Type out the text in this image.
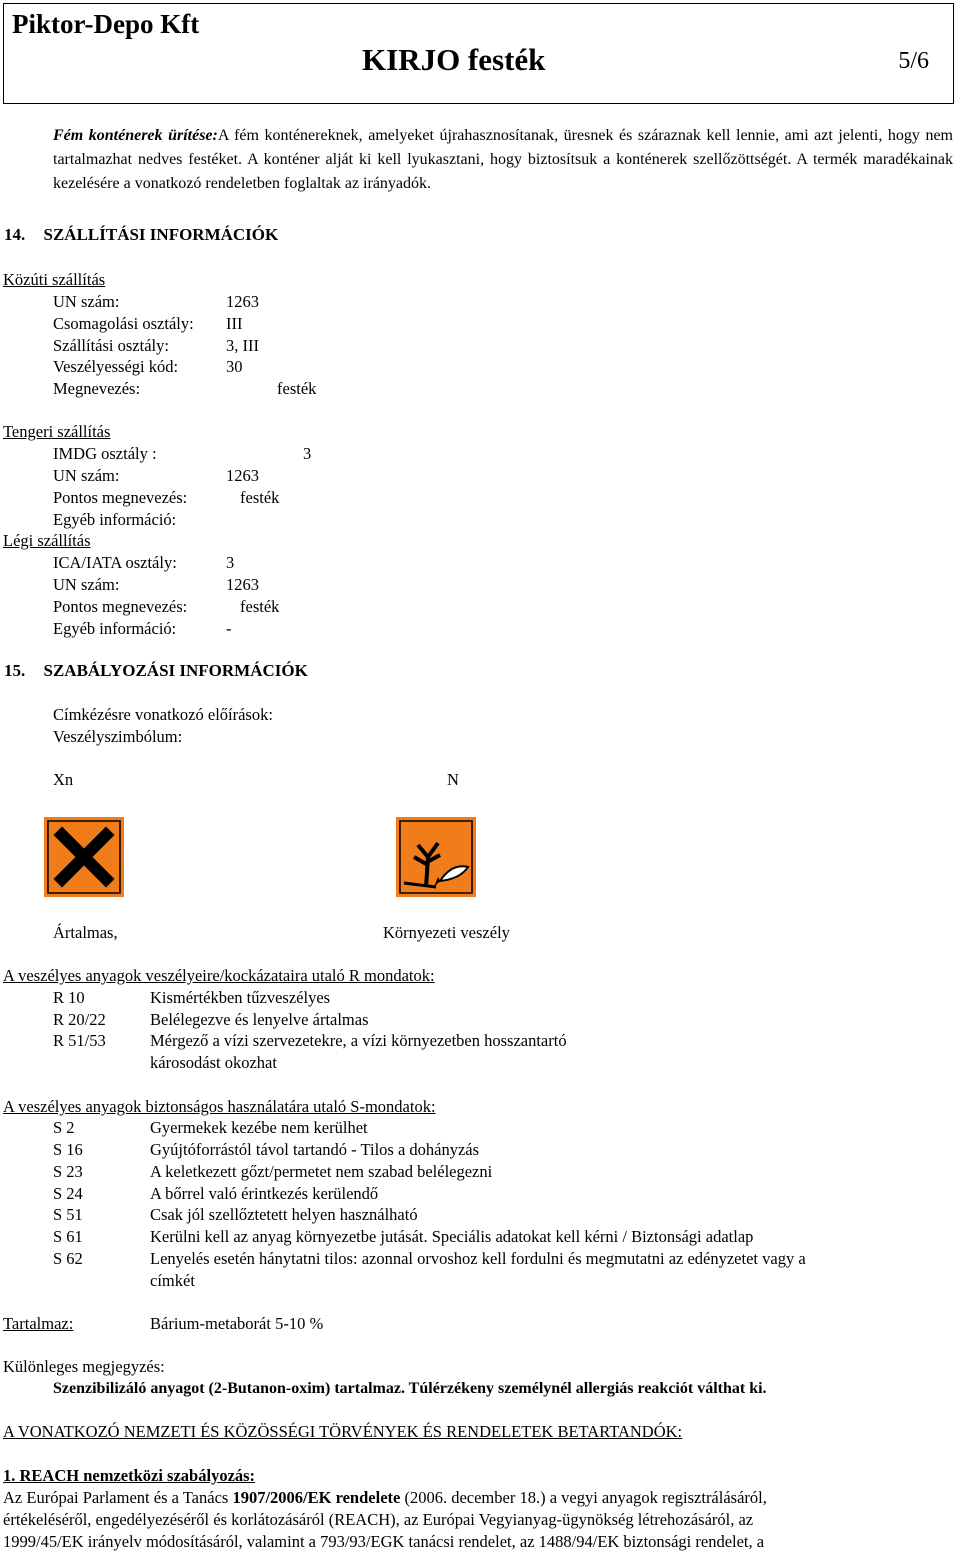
Piktor-Depo Kft
KIRJO festék	5/6
Fém konténerek ürítése:A fém konténereknek, amelyeket újrahasznosítanak, üresnek és száraznak kell lennie, ami azt jelenti, hogy nem tartalmazhat nedves festéket. A konténer alját ki kell lyukasztani, hogy biztosítsuk a konténerek szellőzöttségét. A termék maradékainak kezelésére a vonatkozó rendeletben foglaltak az irányadók.
14. SZÁLLÍTÁSI INFORMÁCIÓK
Közúti szállítás
UN szám:	1263
Csomagolási osztály: III
Szállítási osztály:	3, III
Veszélyességi kód:	30
Megnevezés:	festék
Tengeri szállítás
IMDG osztály :	3
UN szám:	1263
Pontos megnevezés:	festék
Egyéb információ:
Légi szállítás
ICA/IATA osztály:	3
UN szám:	1263
Pontos megnevezés:	festék
Egyéb információ:	-
15. SZABÁLYOZÁSI INFORMÁCIÓK
Címkézésre vonatkozó előírások:
Veszélyszimbólum:
Xn	N
Ártalmas,	Környezeti veszély
A veszélyes anyagok veszélyeire/kockázataira utaló R mondatok:
R 10	Kismértékben tűzveszélyes
R 20/22	Belélegezve és lenyelve ártalmas
R 51/53	Mérgező a vízi szervezetekre, a vízi környezetben hosszantartó
károsodást okozhat
A veszélyes anyagok biztonságos használatára utaló S-mondatok:
S 2	Gyermekek kezébe nem kerülhet
S 16	Gyújtóforrástól távol tartandó - Tilos a dohányzás
S 23	A keletkezett gőzt/permetet nem szabad belélegezni
S 24	A bőrrel való érintkezés kerülendő
S 51	Csak jól szellőztetett helyen használható
S 61	Kerülni kell az anyag környezetbe jutását. Speciális adatokat kell kérni / Biztonsági adatlap
S 62	Lenyelés esetén hánytatni tilos: azonnal orvoshoz kell fordulni és megmutatni az edényzetet vagy a
címkét
Tartalmaz:	Bárium-metaborát 5-10 %
Különleges megjegyzés:
Szenzibilizáló anyagot (2-Butanon-oxim) tartalmaz. Túlérzékeny személynél allergiás reakciót válthat ki.
A VONATKOZÓ NEMZETI ÉS KÖZÖSSÉGI TÖRVÉNYEK ÉS RENDELETEK BETARTANDÓK:
1. REACH nemzetközi szabályozás:
Az Európai Parlament és a Tanács 1907/2006/EK rendelete (2006. december 18.) a vegyi anyagok regisztrálásáról,
értékeléséről, engedélyezéséről és korlátozásáról (REACH), az Európai Vegyianyag-ügynökség létrehozásáról, az
1999/45/EK irányelv módosításáról, valamint a 793/93/EGK tanácsi rendelet, az 1488/94/EK biztonsági rendelet, a
